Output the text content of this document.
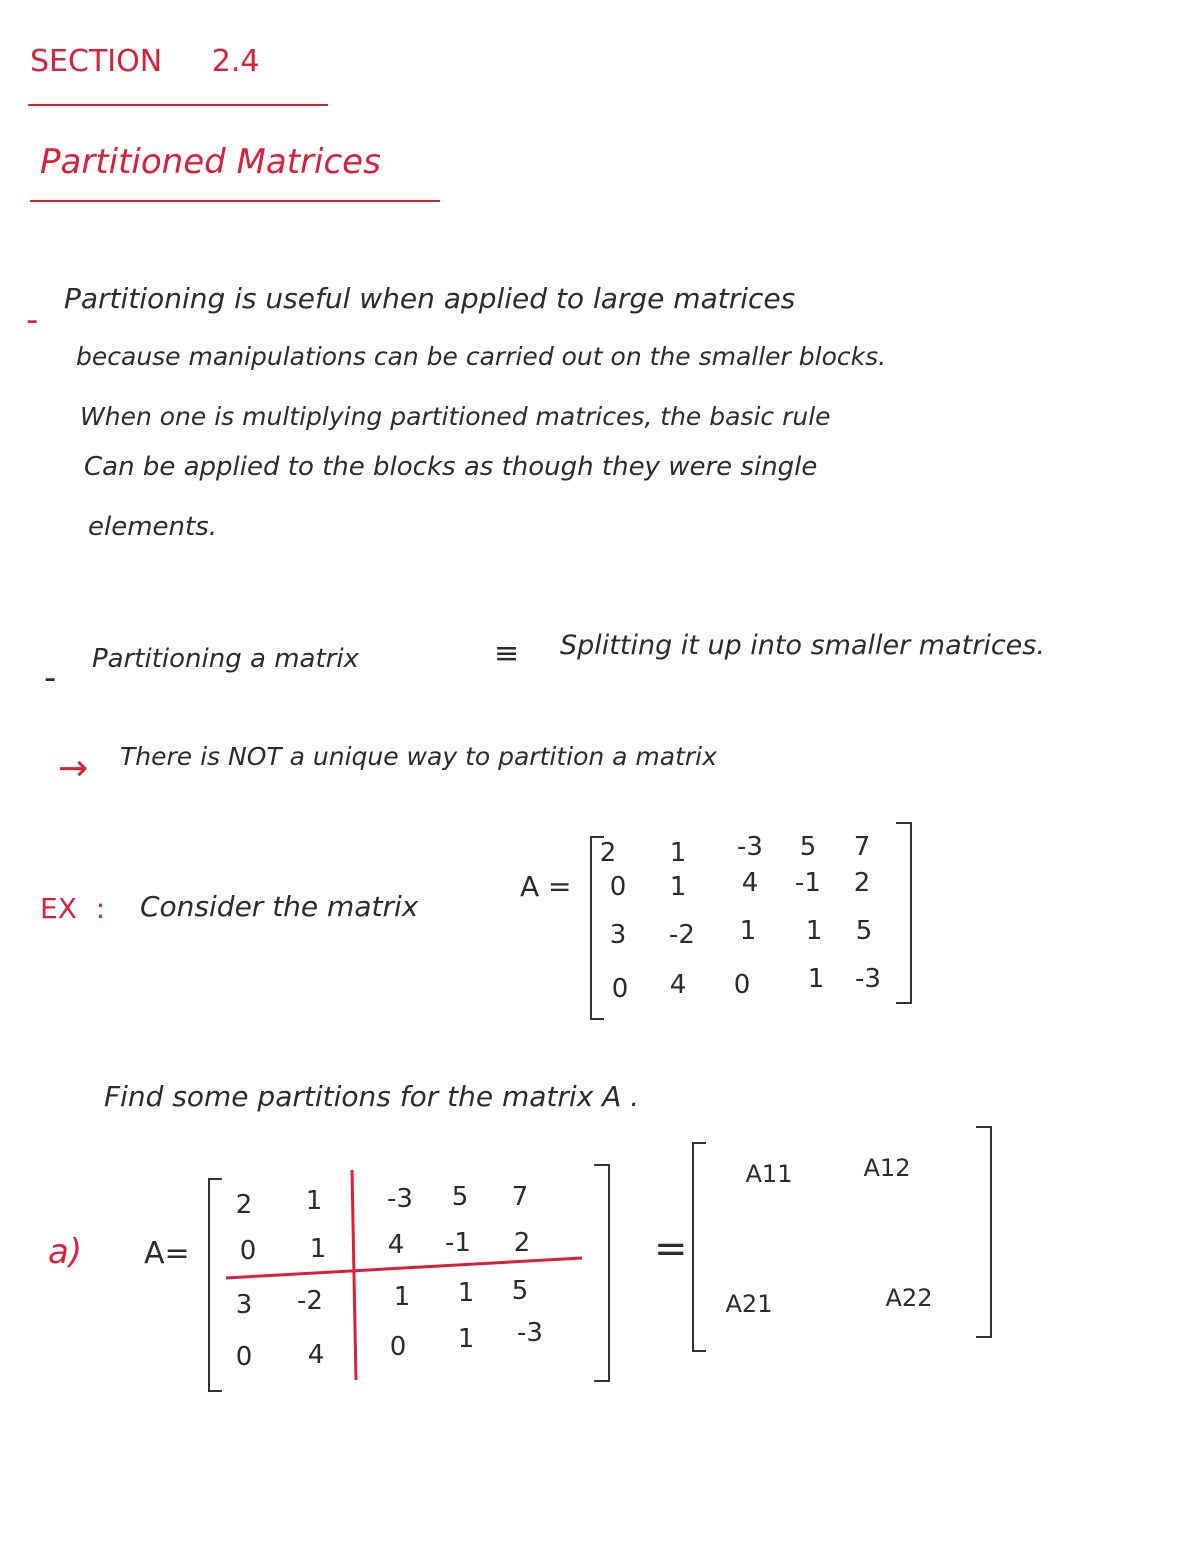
SECTION 2.4
Partitioned Matrices
-
Partitioning is useful when applied to large matrices
because manipulations can be carried out on the smaller blocks.
When one is multiplying partitioned matrices, the basic rule
Can be applied to the blocks as though they were single
elements.
- Partitioning a matrix	≡ Splitting it up into smaller matrices.
→ There is NOT a unique way to partition a matrix
EX : Consider the matrix
A =
2	1	-3	5	7
0	1	4	-1	2
3	-2	1	1	5
0	4	0	1	-3
Find some partitions for the matrix A .
a) A=
2	1	-3	5	7
0	1	4	-1	2
3	-2	1	1	5
0	4	0	1	-3
=
A11	A12
A21	A22
